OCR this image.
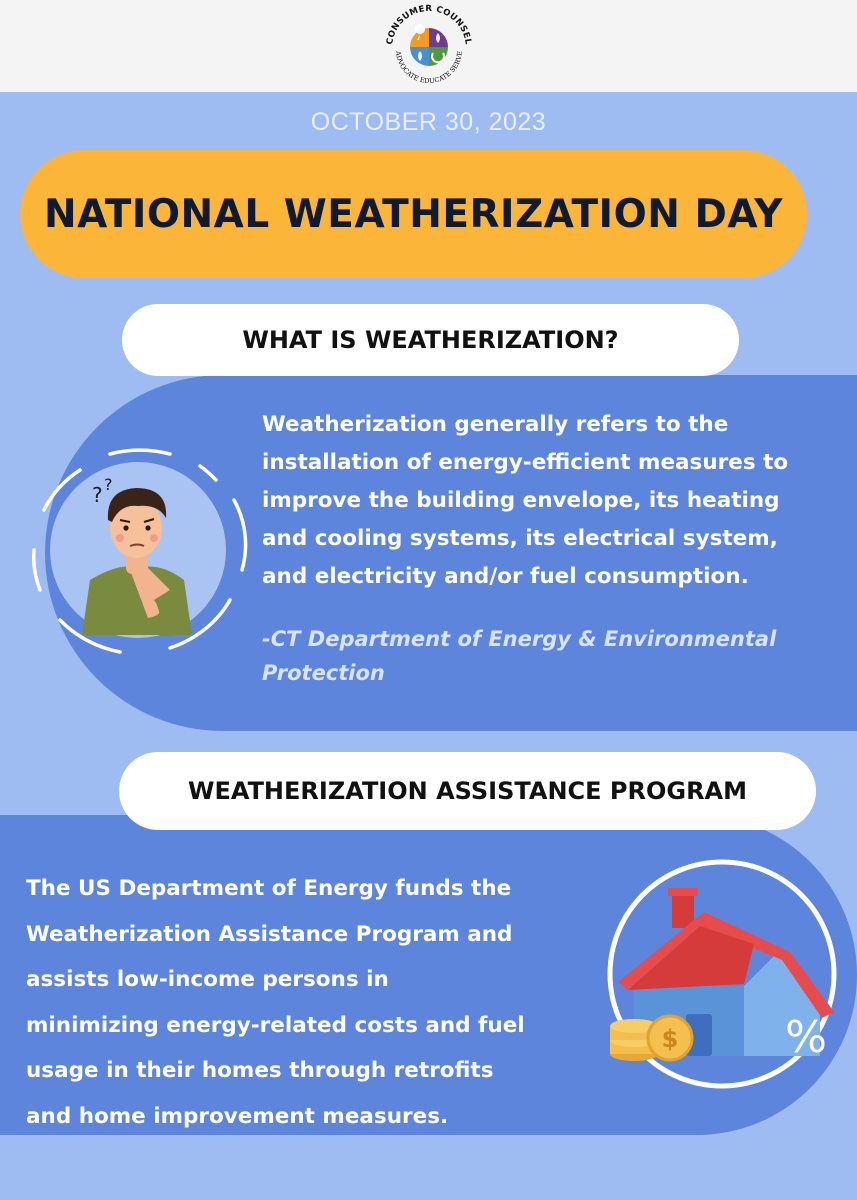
CONSUMER COUNSEL
ADVOCATE EDUCATE SERVE
OCTOBER 30, 2023
NATIONAL WEATHERIZATION DAY
WHAT IS WEATHERIZATION?
? ?

Weatherization generally refers to the
installation of energy-efficient measures to
improve the building envelope, its heating
and cooling systems, its electrical system,
and electricity and/or fuel consumption.

-CT Department of Energy & Environmental
Protection

WEATHERIZATION ASSISTANCE PROGRAM

The US Department of Energy funds the
Weatherization Assistance Program and
assists low-income persons in
minimizing energy-related costs and fuel
usage in their homes through retrofits
and home improvement measures.

$ %
